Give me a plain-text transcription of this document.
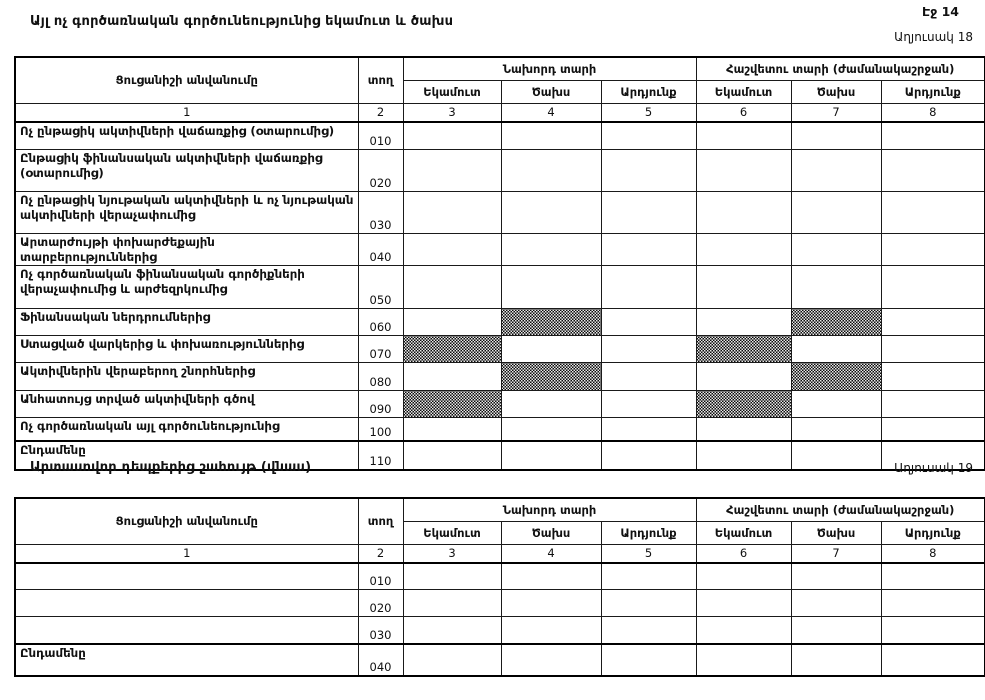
Այլ ոչ գործառնական գործունեությունից եկամուտ և ծախս
Էջ 14
Աղյուսակ 18
Ցուցանիշի անվանումը	տող	Նախորդ տարի			Հաշվետու տարի (ժամանակաշրջան)		
		Եկամուտ	Ծախս	Արդյունք	Եկամուտ	Ծախս	Արդյունք
1	2	3	4	5	6	7	8
Ոչ ընթացիկ ակտիվների վաճառքից (օտարումից)	010						
Ընթացիկ ֆինանսական ակտիվների վաճառքից (օտարումից)	020						
Ոչ ընթացիկ նյութական ակտիվների և ոչ նյութական ակտիվների վերաչափումից	030						
Արտարժույթի փոխարժեքային տարբերություններից	040						
Ոչ գործառնական ֆինանսական գործիքների վերաչափումից և արժեզրկումից	050						
Ֆինանսական ներդրումներից	060						
Ստացված վարկերից և փոխառություններից	070						
Ակտիվներին վերաբերող շնորհներից	080						
Անհատույց տրված ակտիվների գծով	090						
Ոչ գործառնական այլ գործունեությունից	100						
Ընդամենը	110						
Արտասովոր դեպքերից շահույթ (վնաս)	Աղյուսակ 19
Ցուցանիշի անվանումը	տող	Նախորդ տարի			Հաշվետու տարի (ժամանակաշրջան)		
		Եկամուտ	Ծախս	Արդյունք	Եկամուտ	Ծախս	Արդյունք
1	2	3	4	5	6	7	8
	010						
	020						
	030						
Ընդամենը	040						
